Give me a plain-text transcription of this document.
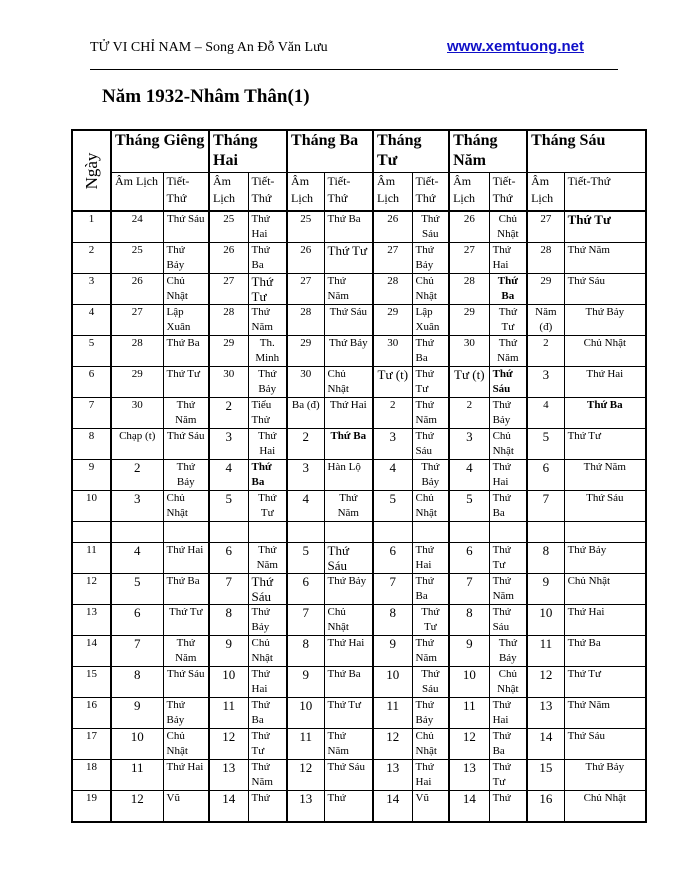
TỬ VI CHỈ NAM – Song An Đỗ Văn Lưu	www.xemtuong.net
Năm 1932-Nhâm Thân(1)
Ngày	Tháng Giêng		Tháng Hai		Tháng Ba		Tháng Tư		Tháng Năm		Tháng Sáu	
	Âm Lịch	Tiết-Thứ	Âm Lịch	Tiết-Thứ	Âm Lịch	Tiết-Thứ	Âm Lịch	Tiết-Thứ	Âm Lịch	Tiết-Thứ	Âm Lịch	Tiết-Thứ
1	24	Thứ Sáu	25	Thứ Hai	25	Thứ Ba	26	Thứ Sáu	26	Chủ Nhật	27	Thứ Tư
2	25	Thứ Bảy	26	Thứ Ba	26	Thứ Tư	27	Thứ Bảy	27	Thứ Hai	28	Thứ Năm
3	26	Chủ Nhật	27	Thứ Tư	27	Thứ Năm	28	Chủ Nhật	28	Thứ Ba	29	Thứ Sáu
4	27	Lập Xuân	28	Thứ Năm	28	Thứ Sáu	29	Lập Xuân	29	Thứ Tư	Năm (đ)	Thứ Bảy
5	28	Thứ Ba	29	Th. Minh	29	Thứ Bảy	30	Thứ Ba	30	Thứ Năm	2	Chủ Nhật
6	29	Thứ Tư	30	Thứ Bảy	30	Chủ Nhật	Tư (t)	Thứ Tư	Tư (t)	Thứ Sáu	3	Thứ Hai
7	30	Thứ Năm	2	Tiểu Thử	Ba (đ)	Thứ Hai	2	Thứ Năm	2	Thứ Bảy	4	Thứ Ba
8	Chạp (t)	Thứ Sáu	3	Thứ Hai	2	Thứ Ba	3	Thứ Sáu	3	Chủ Nhật	5	Thứ Tư
9	2	Thứ Bảy	4	Thứ Ba	3	Hàn Lộ	4	Thứ Bảy	4	Thứ Hai	6	Thứ Năm
10	3	Chủ Nhật	5	Thứ Tư	4	Thứ Năm	5	Chủ Nhật	5	Thứ Ba	7	Thứ Sáu

11	4	Thứ Hai	6	Thứ Năm	5	Thứ Sáu	6	Thứ Hai	6	Thứ Tư	8	Thứ Bảy
12	5	Thứ Ba	7	Thứ Sáu	6	Thứ Bảy	7	Thứ Ba	7	Thứ Năm	9	Chủ Nhật
13	6	Thứ Tư	8	Thứ Bảy	7	Chủ Nhật	8	Thứ Tư	8	Thứ Sáu	10	Thứ Hai
14	7	Thứ Năm	9	Chủ Nhật	8	Thứ Hai	9	Thứ Năm	9	Thứ Bảy	11	Thứ Ba
15	8	Thứ Sáu	10	Thứ Hai	9	Thứ Ba	10	Thứ Sáu	10	Chủ Nhật	12	Thứ Tư
16	9	Thứ Bảy	11	Thứ Ba	10	Thứ Tư	11	Thứ Bảy	11	Thứ Hai	13	Thứ Năm
17	10	Chủ Nhật	12	Thứ Tư	11	Thứ Năm	12	Chủ Nhật	12	Thứ Ba	14	Thứ Sáu
18	11	Thứ Hai	13	Thứ Năm	12	Thứ Sáu	13	Thứ Hai	13	Thứ Tư	15	Thứ Bảy
19	12	Vũ	14	Thứ	13	Thứ	14	Vũ	14	Thứ	16	Chủ Nhật
